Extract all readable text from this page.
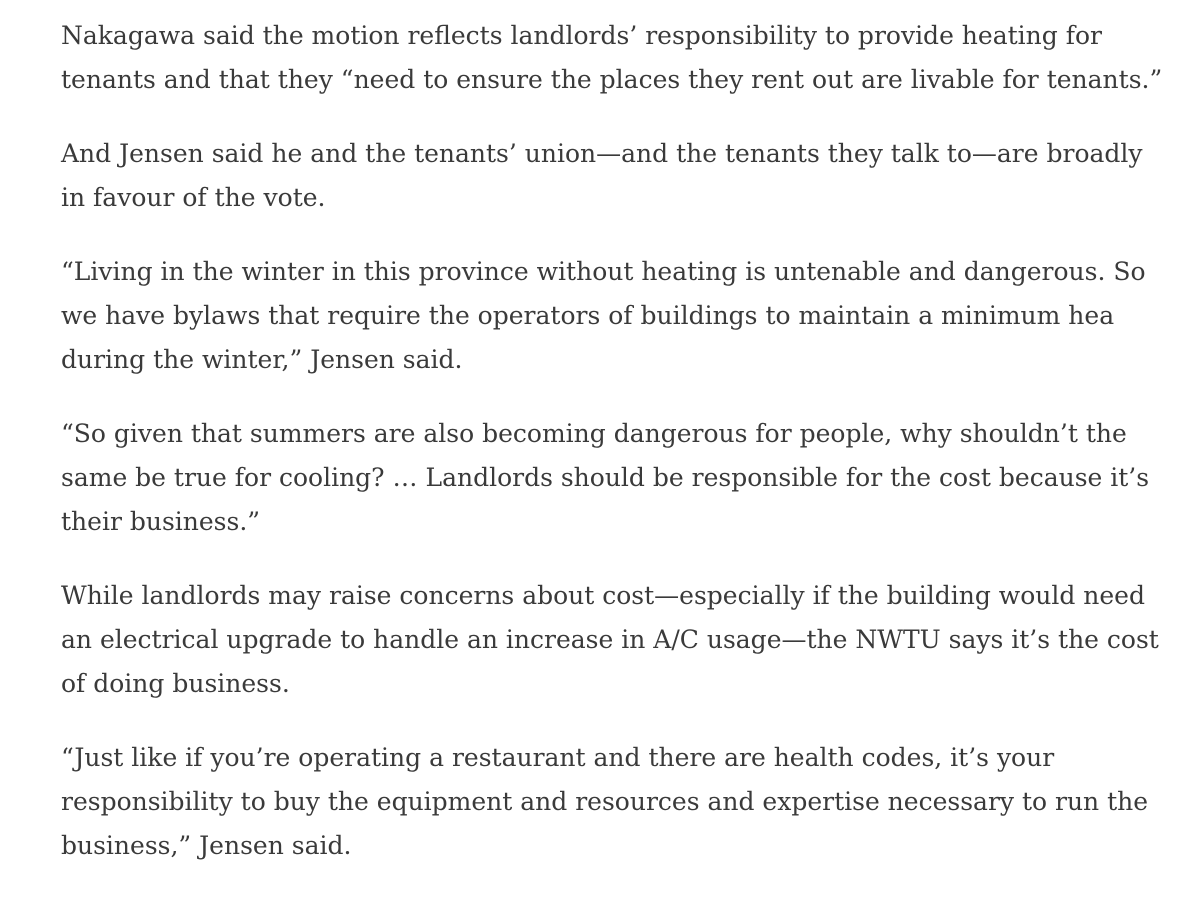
Nakagawa said the motion reflects landlords’ responsibility to provide heating for
tenants and that they “need to ensure the places they rent out are livable for tenants.”

And Jensen said he and the tenants’ union—and the tenants they talk to—are broadly
in favour of the vote.

“Living in the winter in this province without heating is untenable and dangerous. So
we have bylaws that require the operators of buildings to maintain a minimum hea
during the winter,” Jensen said.

“So given that summers are also becoming dangerous for people, why shouldn’t the
same be true for cooling? … Landlords should be responsible for the cost because it’s
their business.”

While landlords may raise concerns about cost—especially if the building would need
an electrical upgrade to handle an increase in A/C usage—the NWTU says it’s the cost
of doing business.

“Just like if you’re operating a restaurant and there are health codes, it’s your
responsibility to buy the equipment and resources and expertise necessary to run the
business,” Jensen said.
